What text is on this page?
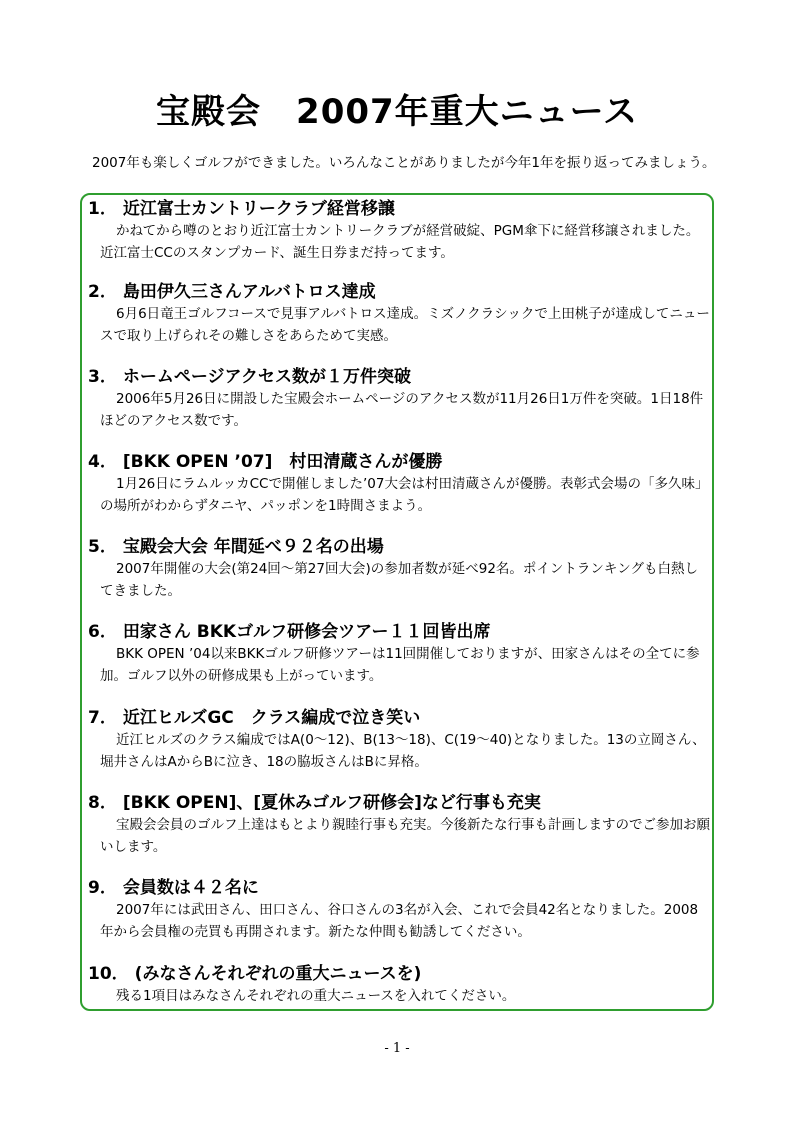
宝殿会　2007年重大ニュース

2007年も楽しくゴルフができました。いろんなことがありましたが今年1年を振り返ってみましょう。

1． 近江富士カントリークラブ経営移譲

かねてから噂のとおり近江富士カントリークラブが経営破綻、PGM傘下に経営移譲されました。近江富士CCのスタンプカード、誕生日券まだ持ってます。

2． 島田伊久三さんアルバトロス達成

6月6日竜王ゴルフコースで見事アルバトロス達成。ミズノクラシックで上田桃子が達成してニュースで取り上げられその難しさをあらためて実感。

3． ホームページアクセス数が１万件突破

2006年5月26日に開設した宝殿会ホームページのアクセス数が11月26日1万件を突破。1日18件ほどのアクセス数です。

4． [BKK OPEN ’07]　村田清蔵さんが優勝

1月26日にラムルッカCCで開催しました’07大会は村田清蔵さんが優勝。表彰式会場の「多久味」の場所がわからずタニヤ、パッポンを1時間さまよう。

5． 宝殿会大会 年間延べ９２名の出場

2007年開催の大会(第24回～第27回大会)の参加者数が延べ92名。ポイントランキングも白熱してきました。

6． 田家さん BKKゴルフ研修会ツアー１１回皆出席

BKK OPEN ’04以来BKKゴルフ研修ツアーは11回開催しておりますが、田家さんはその全てに参加。ゴルフ以外の研修成果も上がっています。

7． 近江ヒルズGC　クラス編成で泣き笑い

近江ヒルズのクラス編成ではA(0～12)、B(13～18)、C(19～40)となりました。13の立岡さん、堀井さんはAからBに泣き、18の脇坂さんはBに昇格。

8． [BKK OPEN]、[夏休みゴルフ研修会]など行事も充実

宝殿会会員のゴルフ上達はもとより親睦行事も充実。今後新たな行事も計画しますのでご参加お願いします。

9． 会員数は４２名に

2007年には武田さん、田口さん、谷口さんの3名が入会、これで会員42名となりました。2008年から会員権の売買も再開されます。新たな仲間も勧誘してください。

10． (みなさんそれぞれの重大ニュースを)

残る1項目はみなさんそれぞれの重大ニュースを入れてください。

- 1 -
